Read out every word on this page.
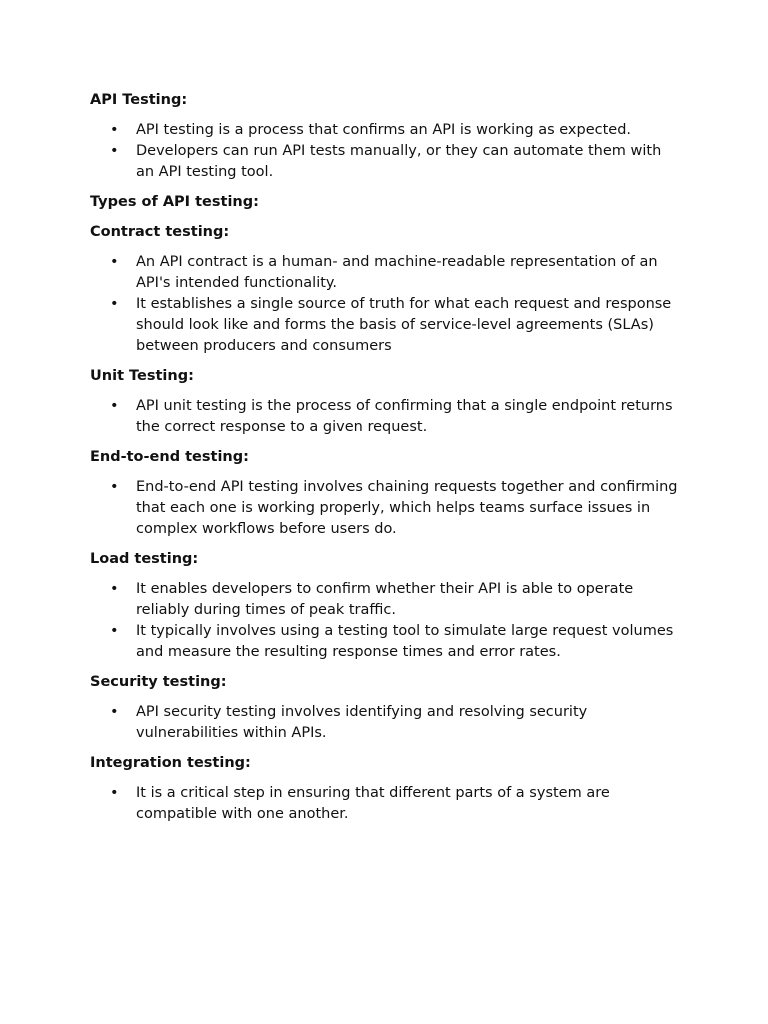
API Testing:
•	API testing is a process that confirms an API is working as expected.
•	Developers can run API tests manually, or they can automate them with an API testing tool.
Types of API testing:
Contract testing:
•	An API contract is a human- and machine-readable representation of an API's intended functionality.
•	It establishes a single source of truth for what each request and response should look like and forms the basis of service-level agreements (SLAs) between producers and consumers
Unit Testing:
•	API unit testing is the process of confirming that a single endpoint returns the correct response to a given request.
End-to-end testing:
•	End-to-end API testing involves chaining requests together and confirming that each one is working properly, which helps teams surface issues in complex workflows before users do.
Load testing:
•	It enables developers to confirm whether their API is able to operate reliably during times of peak traffic.
•	It typically involves using a testing tool to simulate large request volumes and measure the resulting response times and error rates.
Security testing:
•	API security testing involves identifying and resolving security vulnerabilities within APIs.
Integration testing:
•	It is a critical step in ensuring that different parts of a system are compatible with one another.
